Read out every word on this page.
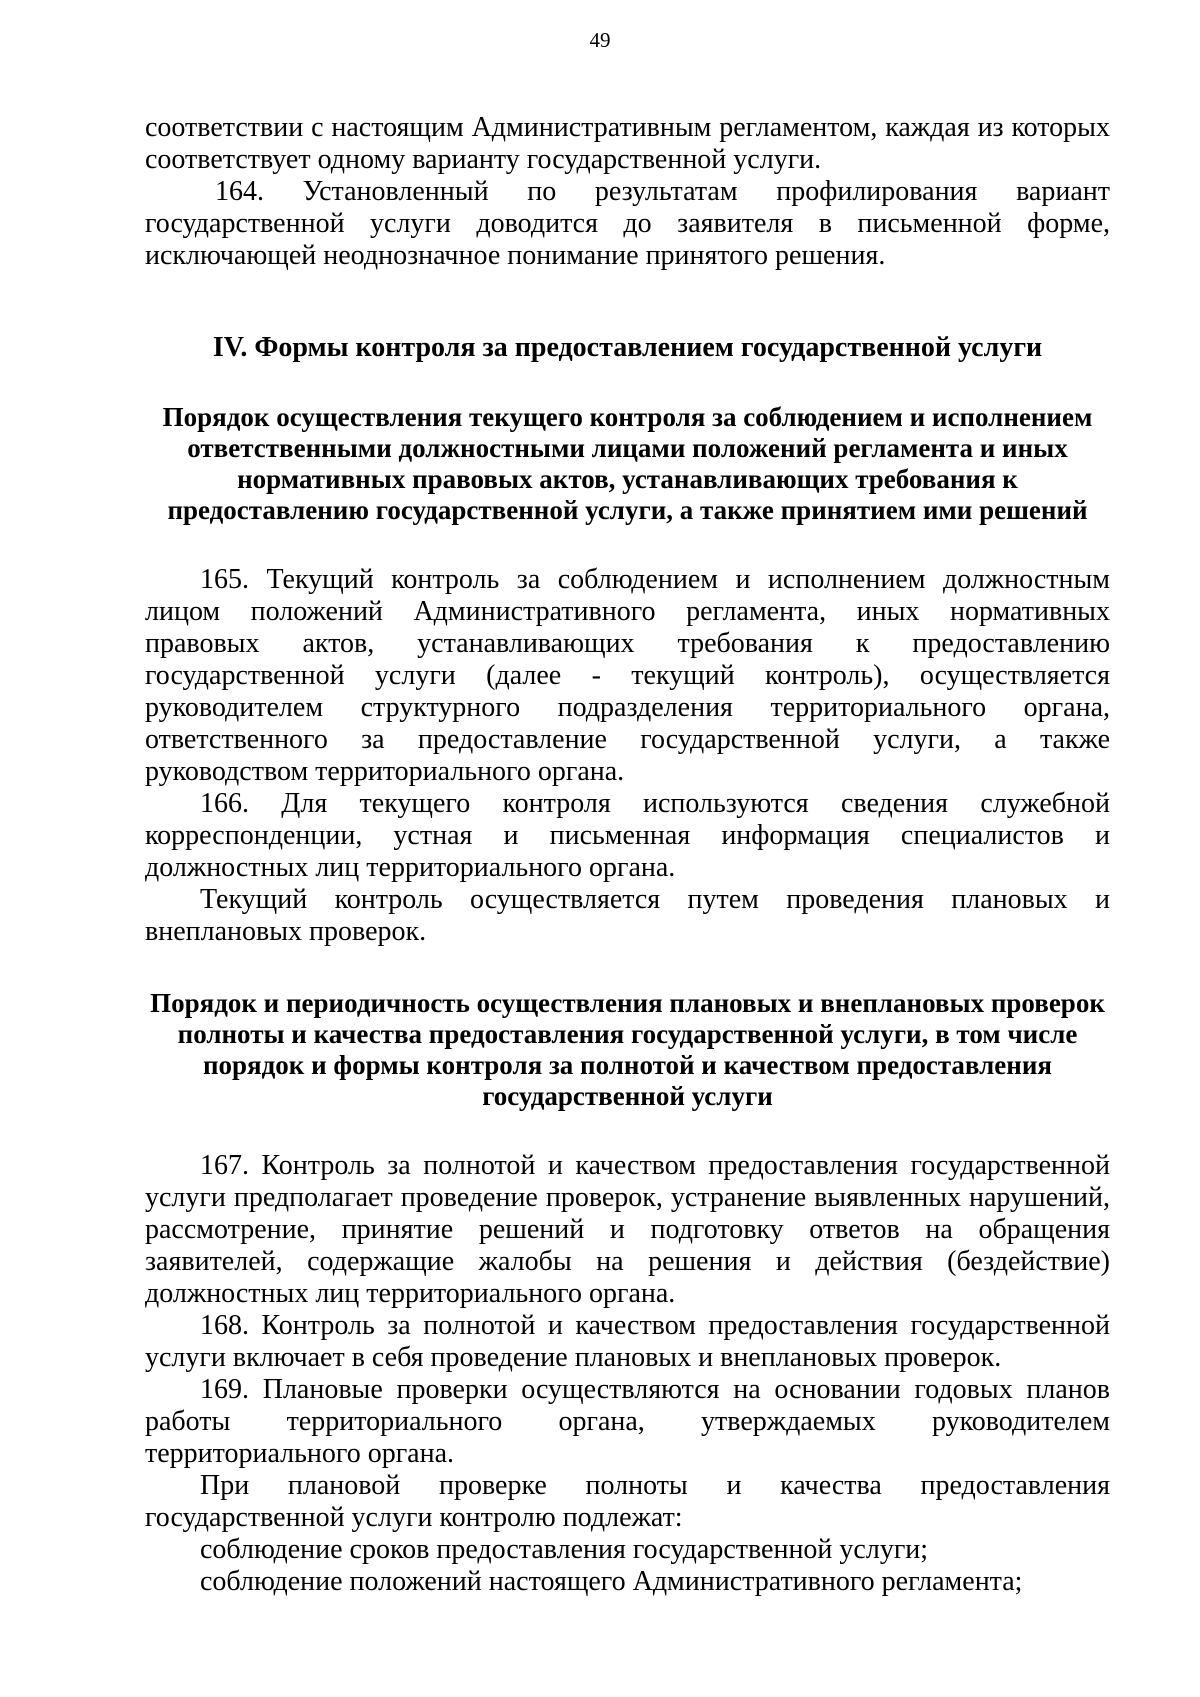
49

соответствии с настоящим Административным регламентом, каждая из которых соответствует одному варианту государственной услуги.

164. Установленный по результатам профилирования вариант государственной услуги доводится до заявителя в письменной форме, исключающей неоднозначное понимание принятого решения.

IV. Формы контроля за предоставлением государственной услуги

Порядок осуществления текущего контроля за соблюдением и исполнением ответственными должностными лицами положений регламента и иных нормативных правовых актов, устанавливающих требования к предоставлению государственной услуги, а также принятием ими решений

165. Текущий контроль за соблюдением и исполнением должностным лицом положений Административного регламента, иных нормативных правовых актов, устанавливающих требования к предоставлению государственной услуги (далее - текущий контроль), осуществляется руководителем структурного подразделения территориального органа, ответственного за предоставление государственной услуги, а также руководством территориального органа.

166. Для текущего контроля используются сведения служебной корреспонденции, устная и письменная информация специалистов и должностных лиц территориального органа.

Текущий контроль осуществляется путем проведения плановых и внеплановых проверок.

Порядок и периодичность осуществления плановых и внеплановых проверок полноты и качества предоставления государственной услуги, в том числе порядок и формы контроля за полнотой и качеством предоставления государственной услуги

167. Контроль за полнотой и качеством предоставления государственной услуги предполагает проведение проверок, устранение выявленных нарушений, рассмотрение, принятие решений и подготовку ответов на обращения заявителей, содержащие жалобы на решения и действия (бездействие) должностных лиц территориального органа.

168. Контроль за полнотой и качеством предоставления государственной услуги включает в себя проведение плановых и внеплановых проверок.

169. Плановые проверки осуществляются на основании годовых планов работы территориального органа, утверждаемых руководителем территориального органа.

При плановой проверке полноты и качества предоставления государственной услуги контролю подлежат:

соблюдение сроков предоставления государственной услуги;

соблюдение положений настоящего Административного регламента;
